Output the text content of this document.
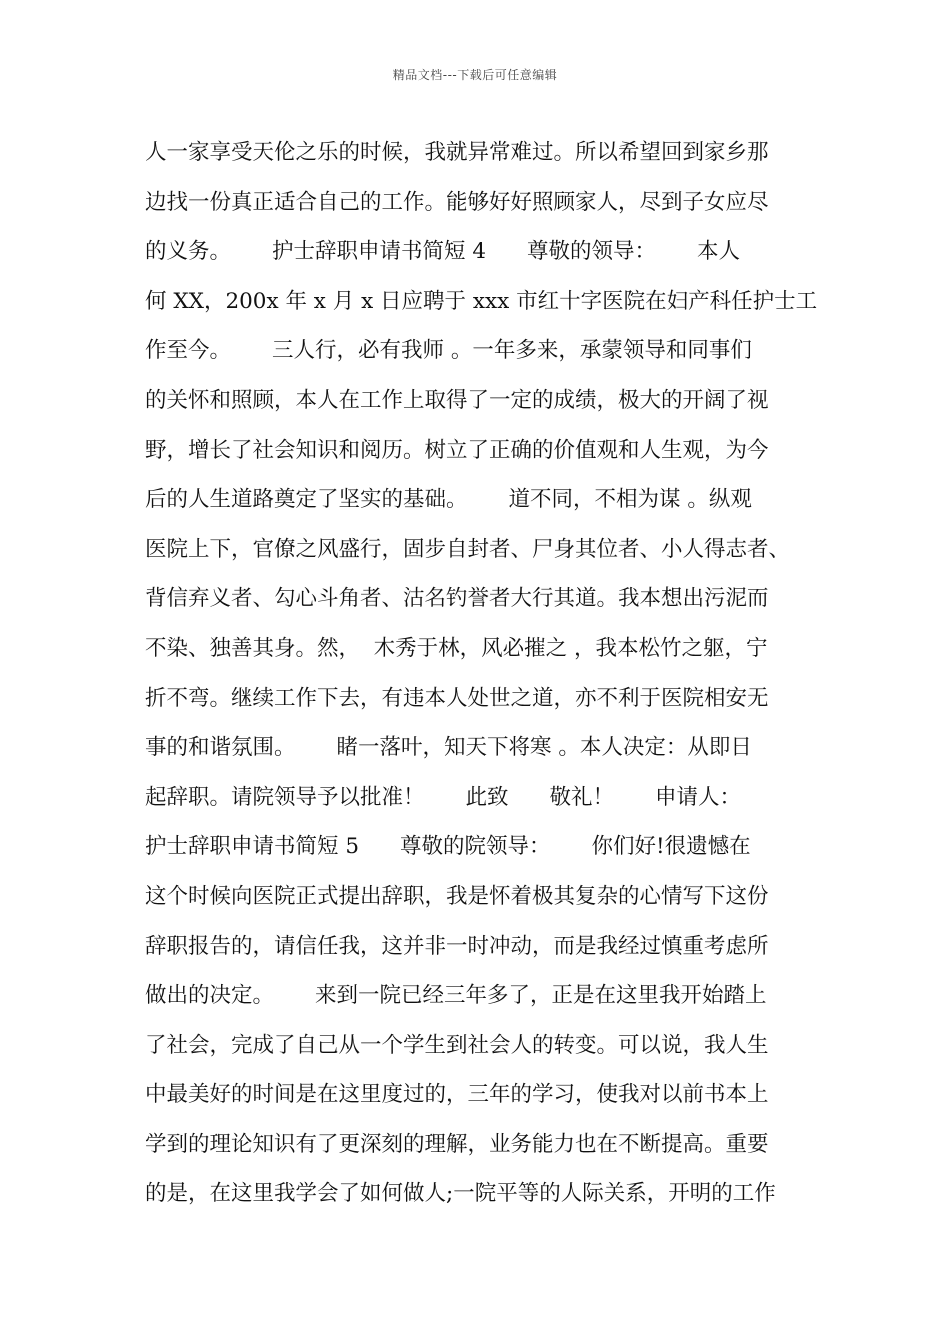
精品文档---下载后可任意编辑
人一家享受天伦之乐的时候，我就异常难过。所以希望回到家乡那
边找一份真正适合自己的工作。能够好好照顾家人，尽到子女应尽
的义务。      护士辞职申请书简短 4      尊敬的领导：      本人
何 XX，200x 年 x 月 x 日应聘于 xxx 市红十字医院在妇产科任护士工
作至今。      三人行，必有我师 。一年多来，承蒙领导和同事们
的关怀和照顾，本人在工作上取得了一定的成绩，极大的开阔了视
野，增长了社会知识和阅历。树立了正确的价值观和人生观，为今
后的人生道路奠定了坚实的基础。      道不同，不相为谋 。纵观
医院上下，官僚之风盛行，固步自封者、尸身其位者、小人得志者、
背信弃义者、勾心斗角者、沽名钓誉者大行其道。我本想出污泥而
不染、独善其身。然，  木秀于林，风必摧之 ，我本松竹之躯，宁
折不弯。继续工作下去，有违本人处世之道，亦不利于医院相安无
事的和谐氛围。      睹一落叶，知天下将寒 。本人决定：从即日
起辞职。请院领导予以批准！      此致      敬礼！      申请人：
护士辞职申请书简短 5      尊敬的院领导：      你们好!很遗憾在
这个时候向医院正式提出辞职，我是怀着极其复杂的心情写下这份
辞职报告的，请信任我，这并非一时冲动，而是我经过慎重考虑所
做出的决定。      来到一院已经三年多了，正是在这里我开始踏上
了社会，完成了自己从一个学生到社会人的转变。可以说，我人生
中最美好的时间是在这里度过的，三年的学习，使我对以前书本上
学到的理论知识有了更深刻的理解，业务能力也在不断提高。重要
的是，在这里我学会了如何做人;一院平等的人际关系，开明的工作
